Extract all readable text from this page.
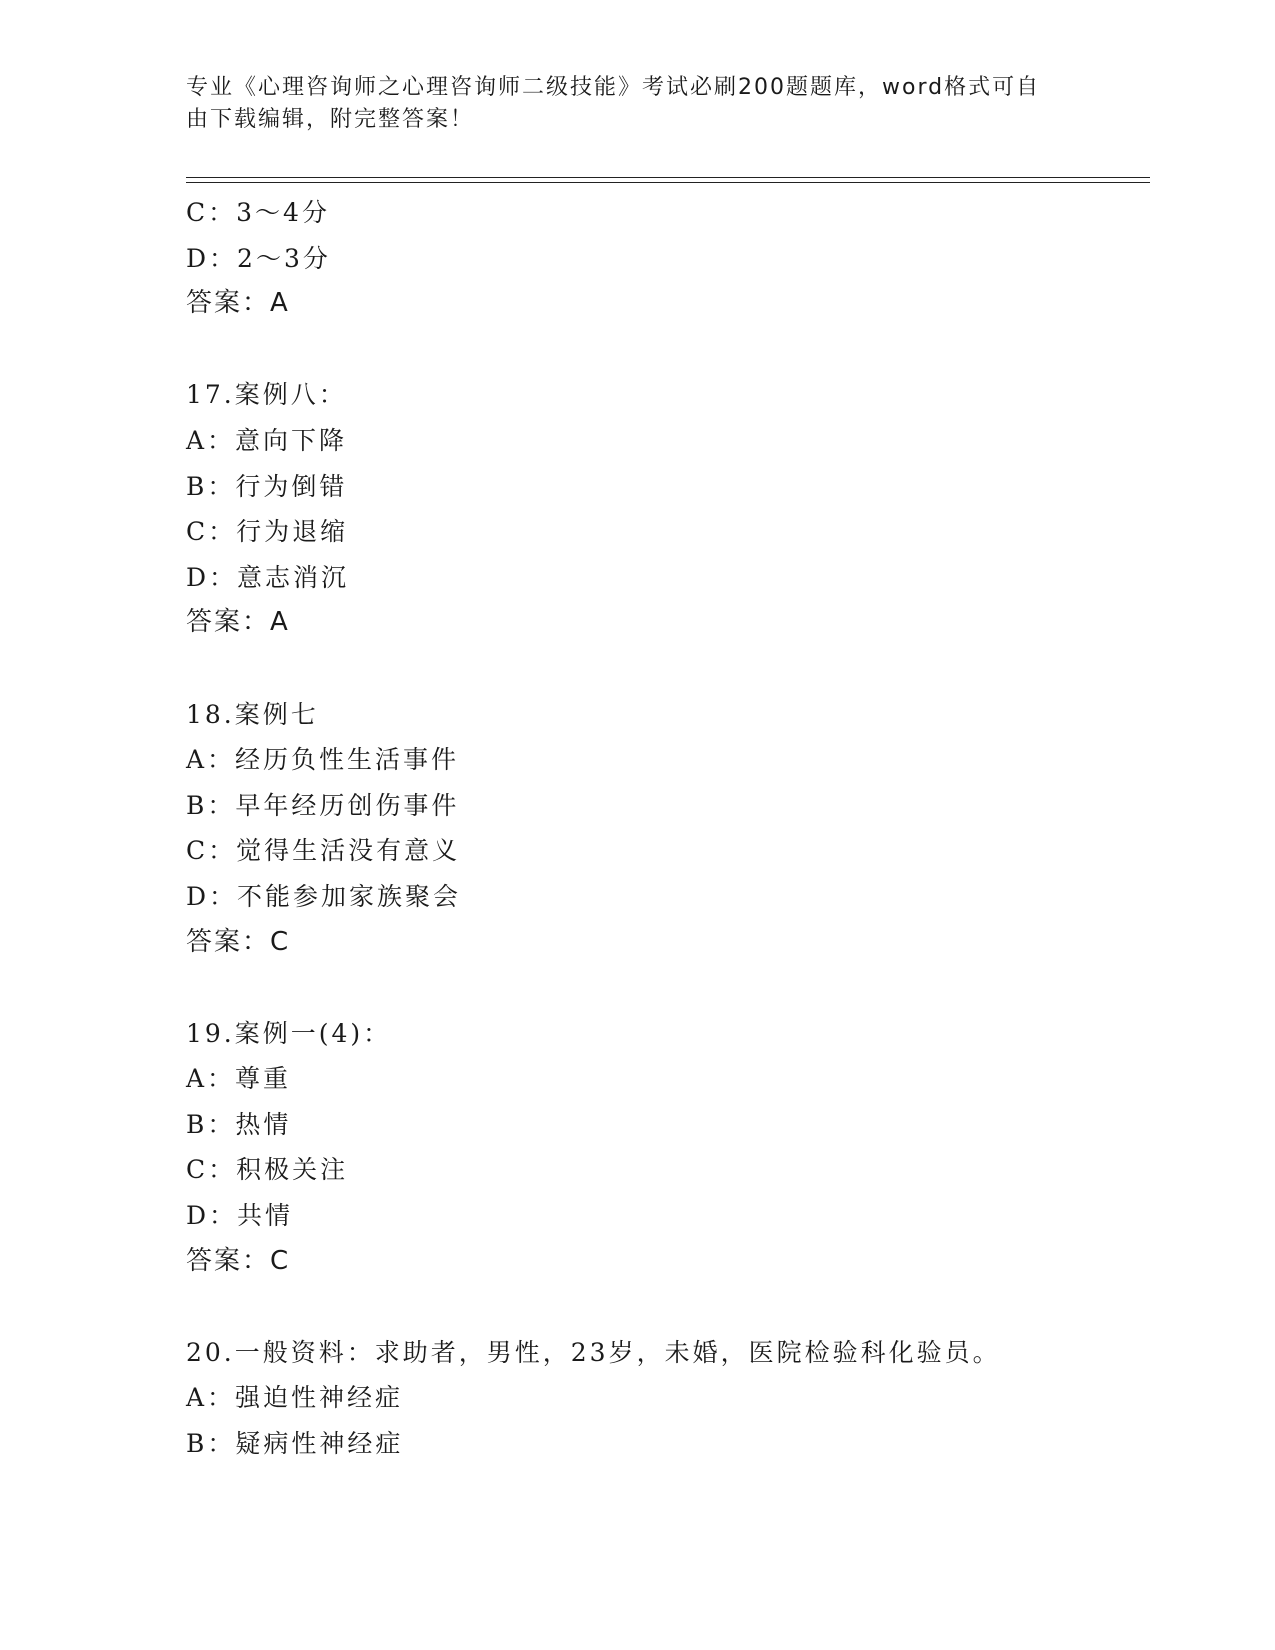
专业《心理咨询师之心理咨询师二级技能》考试必刷200题题库，word格式可自
由下载编辑，附完整答案！
C：3～4分
D：2～3分
答案：A
17.案例八：
A：意向下降
B：行为倒错
C：行为退缩
D：意志消沉
答案：A
18.案例七
A：经历负性生活事件
B：早年经历创伤事件
C：觉得生活没有意义
D：不能参加家族聚会
答案：C
19.案例一(4)：
A：尊重
B：热情
C：积极关注
D：共情
答案：C
20.一般资料：求助者，男性，23岁，未婚，医院检验科化验员。
A：强迫性神经症
B：疑病性神经症
